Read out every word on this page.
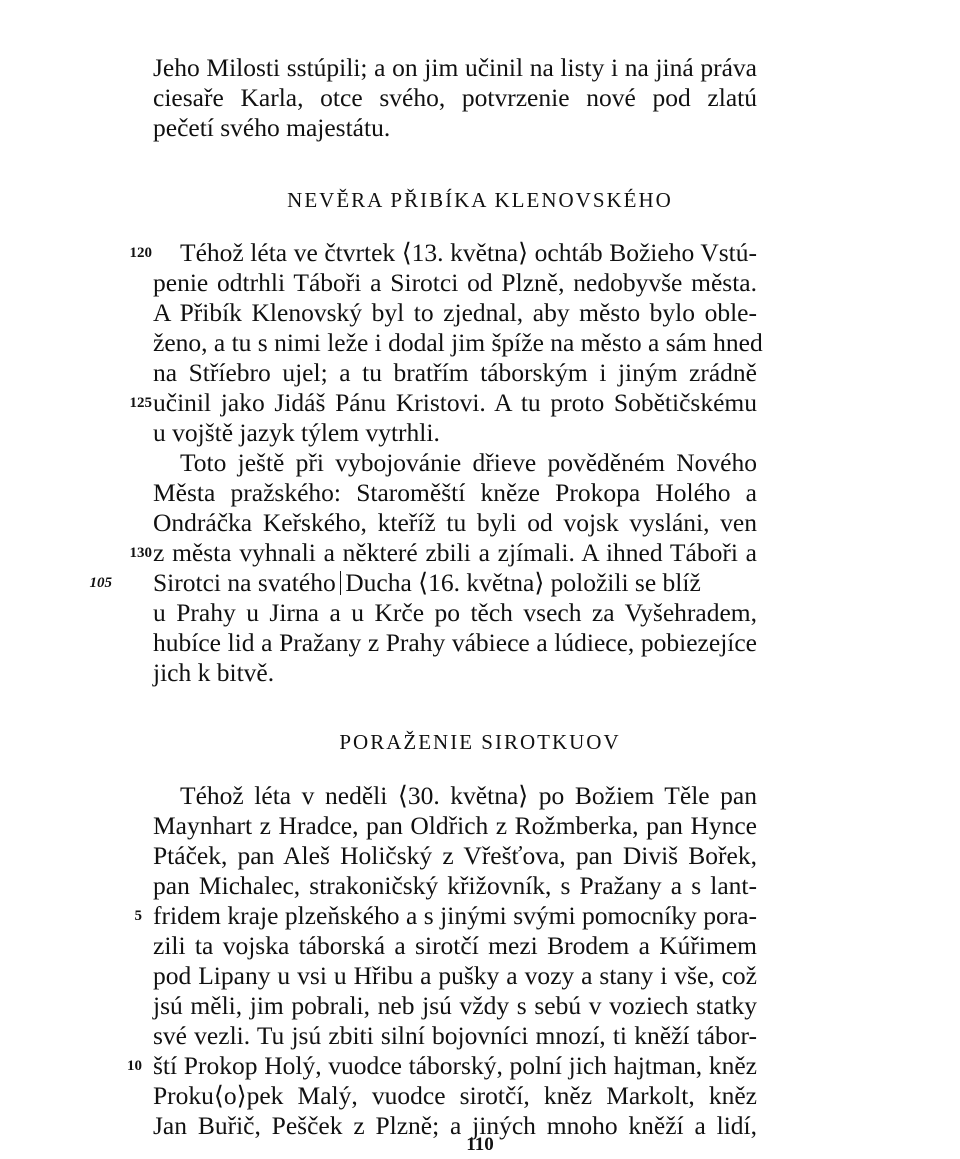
Jeho Milosti sstúpili; a on jim učinil na listy i na jiná práva
ciesaře Karla, otce svého, potvrzenie nové pod zlatú
pečetí svého majestátu.
NEVĚRA PŘIBÍKA KLENOVSKÉHO
120 Téhož léta ve čtvrtek ⟨13. května⟩ ochtáb Božieho Vstú-
penie odtrhli Táboři a Sirotci od Plzně, nedobyvše města.
A Přibík Klenovský byl to zjednal, aby město bylo oble-
ženo, a tu s nimi leže i dodal jim špíže na město a sám hned
na Stříebro ujel; a tu bratřím táborským i jiným zrádně
125 učinil jako Jidáš Pánu Kristovi. A tu proto Sobětičskému
u vojště jazyk týlem vytrhli.
Toto ještě při vybojovánie dřieve pověděném Nového
Města pražského: Staroměští kněze Prokopa Holého a
Ondráčka Keřského, kteříž tu byli od vojsk vysláni, ven
130 z města vyhnali a některé zbili a zjímali. A ihned Táboři a
105 Sirotci na svatého Ducha ⟨16. května⟩ položili se blíž
u Prahy u Jirna a u Krče po těch vsech za Vyšehradem,
hubíce lid a Pražany z Prahy vábiece a lúdiece, pobiezejíce
jich k bitvě.
PORAŽENIE SIROTKUOV
Téhož léta v neděli ⟨30. května⟩ po Božiem Těle pan
Maynhart z Hradce, pan Oldřich z Rožmberka, pan Hynce
Ptáček, pan Aleš Holičský z Vřešťova, pan Diviš Bořek,
pan Michalec, strakoničský křižovník, s Pražany a s lant-
5 fridem kraje plzeňského a s jinými svými pomocníky pora-
zili ta vojska táborská a sirotčí mezi Brodem a Kúřimem
pod Lipany u vsi u Hřibu a pušky a vozy a stany i vše, což
jsú měli, jim pobrali, neb jsú vždy s sebú v voziech statky
své vezli. Tu jsú zbiti silní bojovníci mnozí, ti kněží tábor-
10 ští Prokop Holý, vuodce táborský, polní jich hajtman, kněz
Proku⟨o⟩pek Malý, vuodce sirotčí, kněz Markolt, kněz
Jan Buřič, Pešček z Plzně; a jiných mnoho kněží a lidí,
110
